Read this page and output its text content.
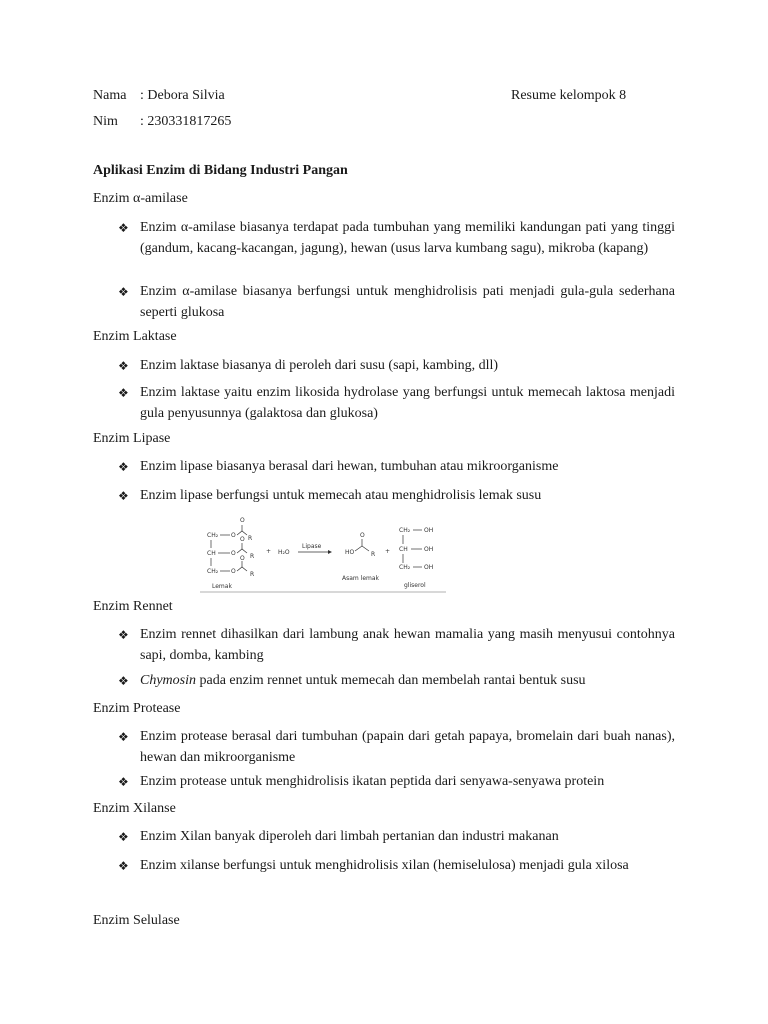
Nama : Debora Silvia	Resume kelompok 8
Nim : 230331817265
Aplikasi Enzim di Bidang Industri Pangan
Enzim α-amilase
❖ Enzim α-amilase biasanya terdapat pada tumbuhan yang memiliki kandungan pati yang tinggi (gandum, kacang-kacangan, jagung), hewan (usus larva kumbang sagu), mikroba (kapang)
❖ Enzim α-amilase biasanya berfungsi untuk menghidrolisis pati menjadi gula-gula sederhana seperti glukosa
Enzim Laktase
❖ Enzim laktase biasanya di peroleh dari susu (sapi, kambing, dll)
❖ Enzim laktase yaitu enzim likosida hydrolase yang berfungsi untuk memecah laktosa menjadi gula penyusunnya (galaktosa dan glukosa)
Enzim Lipase
❖ Enzim lipase biasanya berasal dari hewan, tumbuhan atau mikroorganisme
❖ Enzim lipase berfungsi untuk memecah atau menghidrolisis lemak susu
CH₂
CH
CH₂
O
O
R
O
O
R
O
O
R
Lemak
+ H₂O
Lipase
HO
O
R
Asam lemak
+
CH₂ OH
CH	OH
CH₂ OH
gliserol
Enzim Rennet
❖ Enzim rennet dihasilkan dari lambung anak hewan mamalia yang masih menyusui contohnya sapi, domba, kambing
❖ Chymosin pada enzim rennet untuk memecah dan membelah rantai bentuk susu
Enzim Protease
❖ Enzim protease berasal dari tumbuhan (papain dari getah papaya, bromelain dari buah nanas), hewan dan mikroorganisme
❖ Enzim protease untuk menghidrolisis ikatan peptida dari senyawa-senyawa protein
Enzim Xilanse
❖ Enzim Xilan banyak diperoleh dari limbah pertanian dan industri makanan
❖ Enzim xilanse berfungsi untuk menghidrolisis xilan (hemiselulosa) menjadi gula xilosa
Enzim Selulase
